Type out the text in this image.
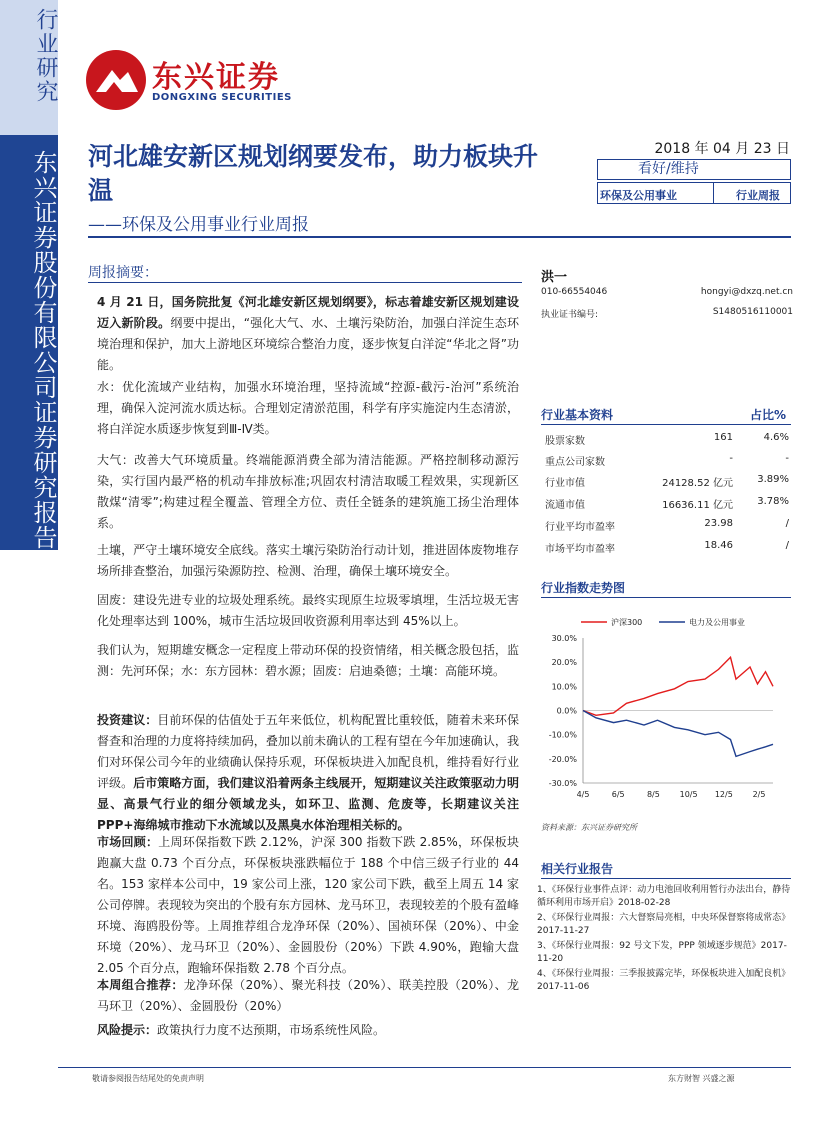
行业研究
东兴证券股份有限公司证券研究报告
东兴证券
DONGXING SECURITIES
河北雄安新区规划纲要发布，助力板块升温
——环保及公用事业行业周报
2018 年 04 月 23 日
看好/维持
环保及公用事业	行业周报
周报摘要：
4 月 21 日，国务院批复《河北雄安新区规划纲要》，标志着雄安新区规划建设迈入新阶段。纲要中提出，“强化大气、水、土壤污染防治，加强白洋淀生态环境治理和保护，加大上游地区环境综合整治力度，逐步恢复白洋淀“华北之肾”功能。
水：优化流域产业结构，加强水环境治理，坚持流域“控源-截污-治河”系统治理，确保入淀河流水质达标。合理划定清淤范围，科学有序实施淀内生态清淤，将白洋淀水质逐步恢复到Ⅲ-Ⅳ类。
大气：改善大气环境质量。终端能源消费全部为清洁能源。严格控制移动源污染，实行国内最严格的机动车排放标准;巩固农村清洁取暖工程效果，实现新区散煤“清零”;构建过程全覆盖、管理全方位、责任全链条的建筑施工扬尘治理体系。
土壤，严守土壤环境安全底线。落实土壤污染防治行动计划，推进固体废物堆存场所排查整治，加强污染源防控、检测、治理，确保土壤环境安全。
固废：建设先进专业的垃圾处理系统。最终实现原生垃圾零填埋，生活垃圾无害化处理率达到 100%，城市生活垃圾回收资源利用率达到 45%以上。
我们认为，短期雄安概念一定程度上带动环保的投资情绪，相关概念股包括，监测：先河环保；水：东方园林：碧水源；固废：启迪桑德；土壤：高能环境。
投资建议：目前环保的估值处于五年来低位，机构配置比重较低，随着未来环保督查和治理的力度将持续加码，叠加以前未确认的工程有望在今年加速确认，我们对环保公司今年的业绩确认保持乐观，环保板块进入加配良机，维持看好行业评级。后市策略方面，我们建议沿着两条主线展开，短期建议关注政策驱动力明显、高景气行业的细分领域龙头，如环卫、监测、危废等，长期建议关注 PPP+海绵城市推动下水流域以及黑臭水体治理相关标的。
市场回顾：上周环保指数下跌 2.12%，沪深 300 指数下跌 2.85%，环保板块跑赢大盘 0.73 个百分点，环保板块涨跌幅位于 188 个中信三级子行业的 44 名。153 家样本公司中，19 家公司上涨，120 家公司下跌，截至上周五 14 家公司停牌。表现较为突出的个股有东方园林、龙马环卫，表现较差的个股有盈峰环境、海鸥股份等。上周推荐组合龙净环保（20%）、国祯环保（20%）、中金环境（20%）、龙马环卫（20%）、金圆股份（20%）下跌 4.90%，跑输大盘 2.05 个百分点，跑输环保指数 2.78 个百分点。
本周组合推荐：龙净环保（20%）、聚光科技（20%）、联美控股（20%）、龙马环卫（20%）、金圆股份（20%）
风险提示：政策执行力度不达预期，市场系统性风险。
洪一
010-66554046	hongyi@dxzq.net.cn
执业证书编号:	S1480516110001
行业基本资料	占比%
股票家数	161	4.6%
重点公司家数	-	-
行业市值	24128.52 亿元 3.89%
流通市值	16636.11 亿元 3.78%
行业平均市盈率	23.98	/
市场平均市盈率	18.46	/
行业指数走势图
沪深300	电力及公用事业
30.0%
20.0%
10.0%
0.0%
-10.0%
-20.0%
-30.0%
4/5	6/5	8/5 10/5 12/5 2/5
资料来源：东兴证券研究所
相关行业报告
1、《环保行业事件点评：动力电池回收利用暂行办法出台，静待循环利用市场开启》2018-02-28
2、《环保行业周报：六大督察局亮相，中央环保督察将成常态》2017-11-27
3、《环保行业周报：92 号文下发，PPP 领域逐步规范》2017-11-20
4、《环保行业周报：三季报披露完毕，环保板块进入加配良机》2017-11-06
敬请参阅报告结尾处的免责声明	东方财智 兴盛之源
